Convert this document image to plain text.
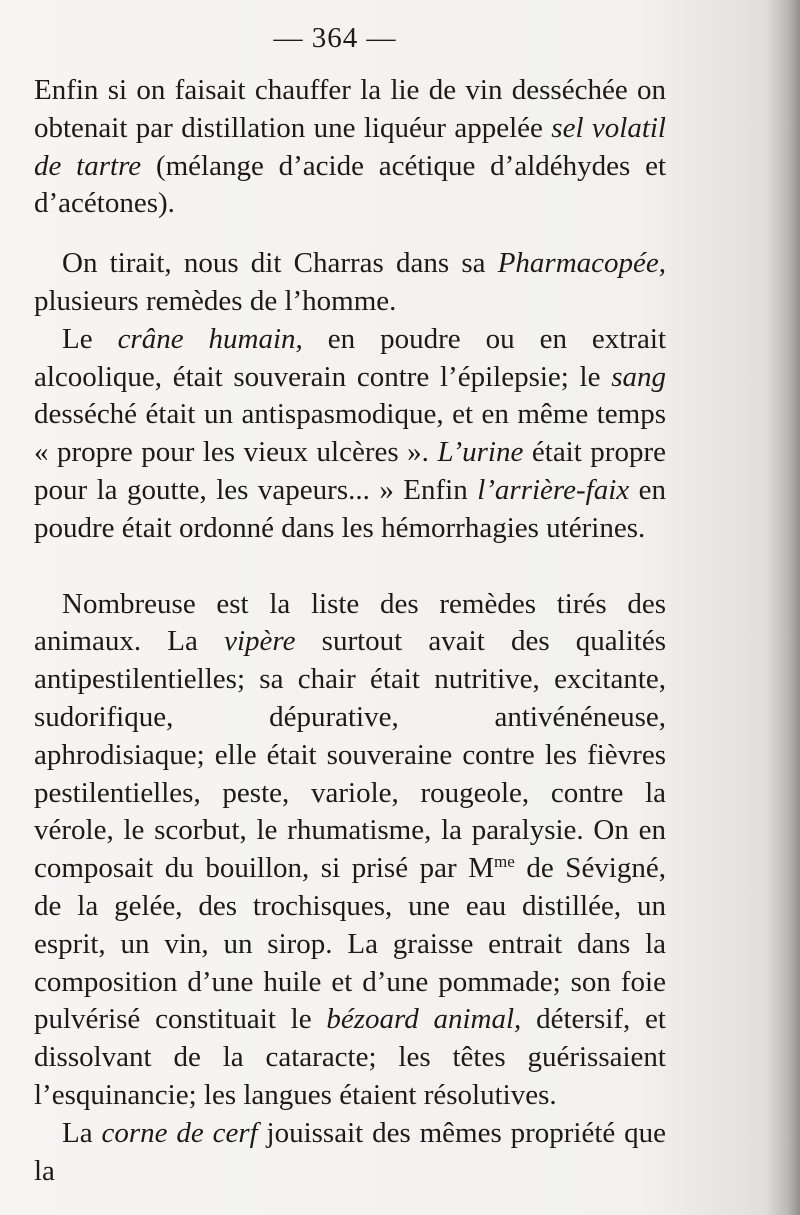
— 364 —

Enfin si on faisait chauffer la lie de vin desséchée on obtenait par distillation une liquéur appelée sel volatil de tartre (mélange d’acide acétique d’aldéhydes et d’acétones).

On tirait, nous dit Charras dans sa Pharmacopée, plusieurs remèdes de l’homme.

Le crâne humain, en poudre ou en extrait alcoolique, était souverain contre l’épilepsie; le sang desséché était un antispasmodique, et en même temps « propre pour les vieux ulcères ». L’urine était propre pour la goutte, les vapeurs... » Enfin l’arrière-faix en poudre était ordonné dans les hémorrhagies utérines.

Nombreuse est la liste des remèdes tirés des animaux. La vipère surtout avait des qualités antipestilentielles; sa chair était nutritive, excitante, sudorifique, dépurative, antivénéneuse, aphrodisiaque; elle était souveraine contre les fièvres pestilentielles, peste, variole, rougeole, contre la vérole, le scorbut, le rhumatisme, la paralysie. On en composait du bouillon, si prisé par $M^{me}$ de Sévigné, de la gelée, des trochisques, une eau distillée, un esprit, un vin, un sirop. La graisse entrait dans la composition d’une huile et d’une pommade; son foie pulvérisé constituait le bézoard animal, détersif, et dissolvant de la cataracte; les têtes guérissaient l’esquinancie; les langues étaient résolutives.

La corne de cerf jouissait des mêmes propriété que la
